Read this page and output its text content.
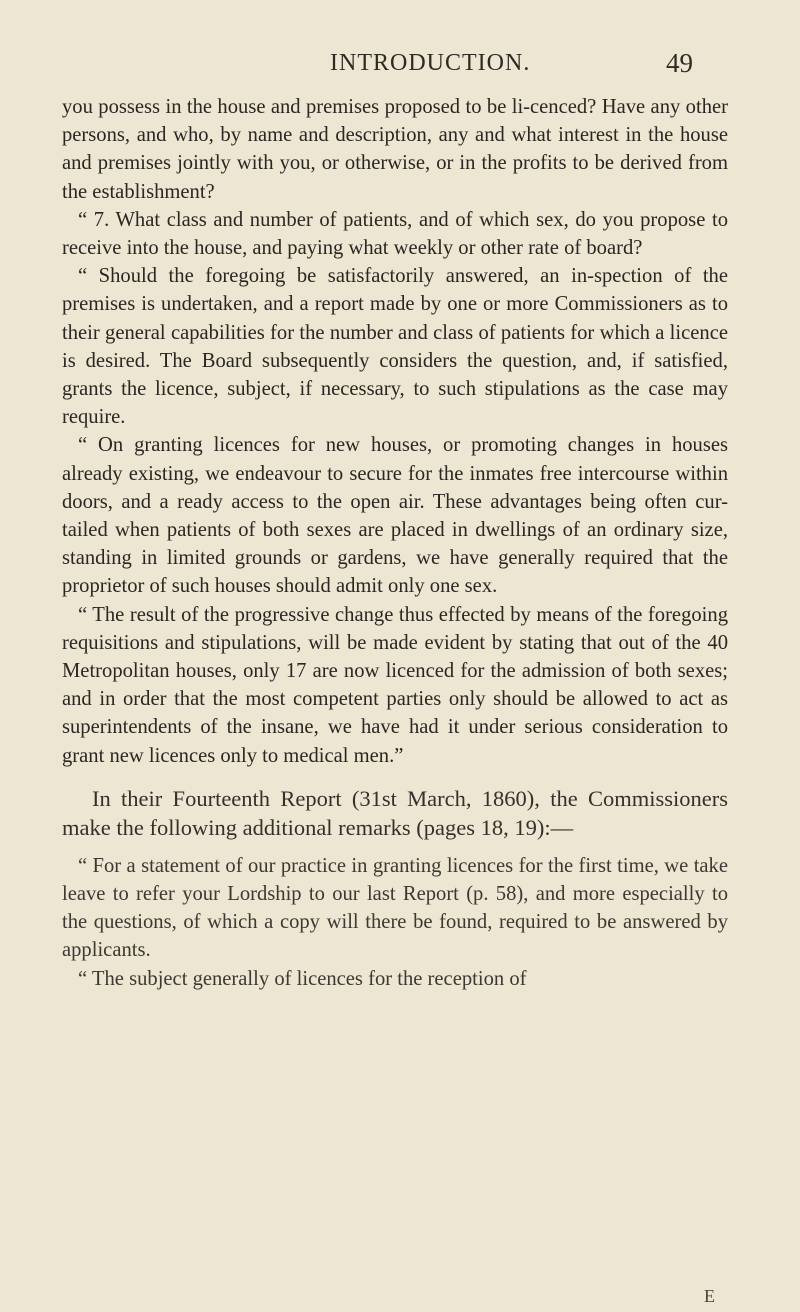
INTRODUCTION.	49

you possess in the house and premises proposed to be li-cenced? Have any other persons, and who, by name and description, any and what interest in the house and premises jointly with you, or otherwise, or in the profits to be derived from the establishment?

“ 7. What class and number of patients, and of which sex, do you propose to receive into the house, and paying what weekly or other rate of board?

“ Should the foregoing be satisfactorily answered, an in-spection of the premises is undertaken, and a report made by one or more Commissioners as to their general capabilities for the number and class of patients for which a licence is desired. The Board subsequently considers the question, and, if satisfied, grants the licence, subject, if necessary, to such stipulations as the case may require.

“ On granting licences for new houses, or promoting changes in houses already existing, we endeavour to secure for the inmates free intercourse within doors, and a ready access to the open air. These advantages being often cur-tailed when patients of both sexes are placed in dwellings of an ordinary size, standing in limited grounds or gardens, we have generally required that the proprietor of such houses should admit only one sex.

“ The result of the progressive change thus effected by means of the foregoing requisitions and stipulations, will be made evident by stating that out of the 40 Metropolitan houses, only 17 are now licenced for the admission of both sexes; and in order that the most competent parties only should be allowed to act as superintendents of the insane, we have had it under serious consideration to grant new licences only to medical men.”

In their Fourteenth Report (31st March, 1860), the Commissioners make the following additional remarks (pages 18, 19):—

“ For a statement of our practice in granting licences for the first time, we take leave to refer your Lordship to our last Report (p. 58), and more especially to the questions, of which a copy will there be found, required to be answered by applicants.

“ The subject generally of licences for the reception of

E
